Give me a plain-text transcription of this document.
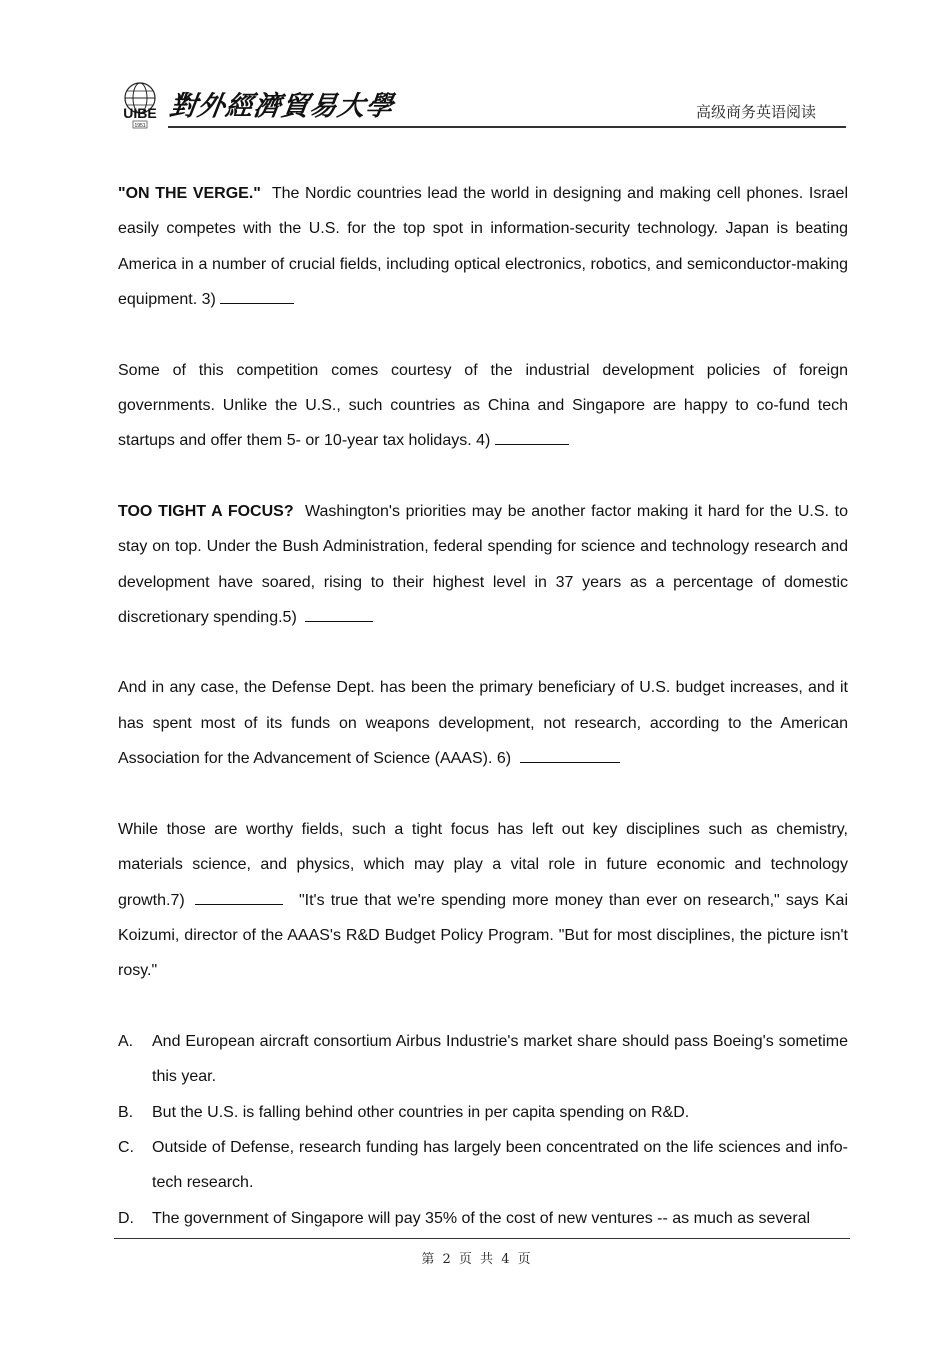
UIBE
1951
對外經濟貿易大學	高级商务英语阅读

"ON THE VERGE." The Nordic countries lead the world in designing and making cell phones. Israel easily competes with the U.S. for the top spot in information-security technology. Japan is beating America in a number of crucial fields, including optical electronics, robotics, and semiconductor-making equipment. 3)

Some of this competition comes courtesy of the industrial development policies of foreign governments. Unlike the U.S., such countries as China and Singapore are happy to co-fund tech startups and offer them 5- or 10-year tax holidays. 4)

TOO TIGHT A FOCUS? Washington's priorities may be another factor making it hard for the U.S. to stay on top. Under the Bush Administration, federal spending for science and technology research and development have soared, rising to their highest level in 37 years as a percentage of domestic discretionary spending.5)

And in any case, the Defense Dept. has been the primary beneficiary of U.S. budget increases, and it has spent most of its funds on weapons development, not research, according to the American Association for the Advancement of Science (AAAS). 6)

While those are worthy fields, such a tight focus has left out key disciplines such as chemistry, materials science, and physics, which may play a vital role in future economic and technology growth.7)	"It's true that we're spending more money than ever on research," says Kai Koizumi, director of the AAAS's R&D Budget Policy Program. "But for most disciplines, the picture isn't rosy."

A. And European aircraft consortium Airbus Industrie's market share should pass Boeing's sometime this year.
B. But the U.S. is falling behind other countries in per capita spending on R&D.
C. Outside of Defense, research funding has largely been concentrated on the life sciences and info-tech research.
D. The government of Singapore will pay 35% of the cost of new ventures -- as much as several
第 2 页 共 4 页
